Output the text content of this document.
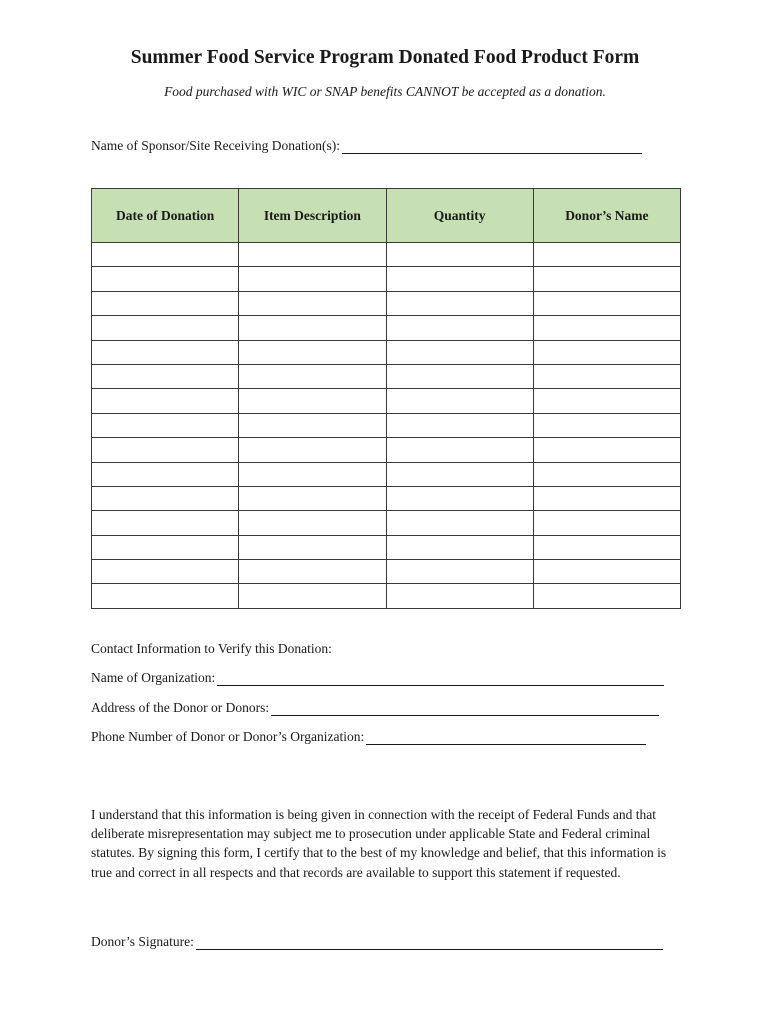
Summer Food Service Program Donated Food Product Form
Food purchased with WIC or SNAP benefits CANNOT be accepted as a donation.
Name of Sponsor/Site Receiving Donation(s):
Date of Donation	Item Description	Quantity	Donor’s Name

Contact Information to Verify this Donation:
Name of Organization:
Address of the Donor or Donors:
Phone Number of Donor or Donor’s Organization:
I understand that this information is being given in connection with the receipt of Federal Funds and that deliberate misrepresentation may subject me to prosecution under applicable State and Federal criminal statutes. By signing this form, I certify that to the best of my knowledge and belief, that this information is true and correct in all respects and that records are available to support this statement if requested.
Donor’s Signature:
